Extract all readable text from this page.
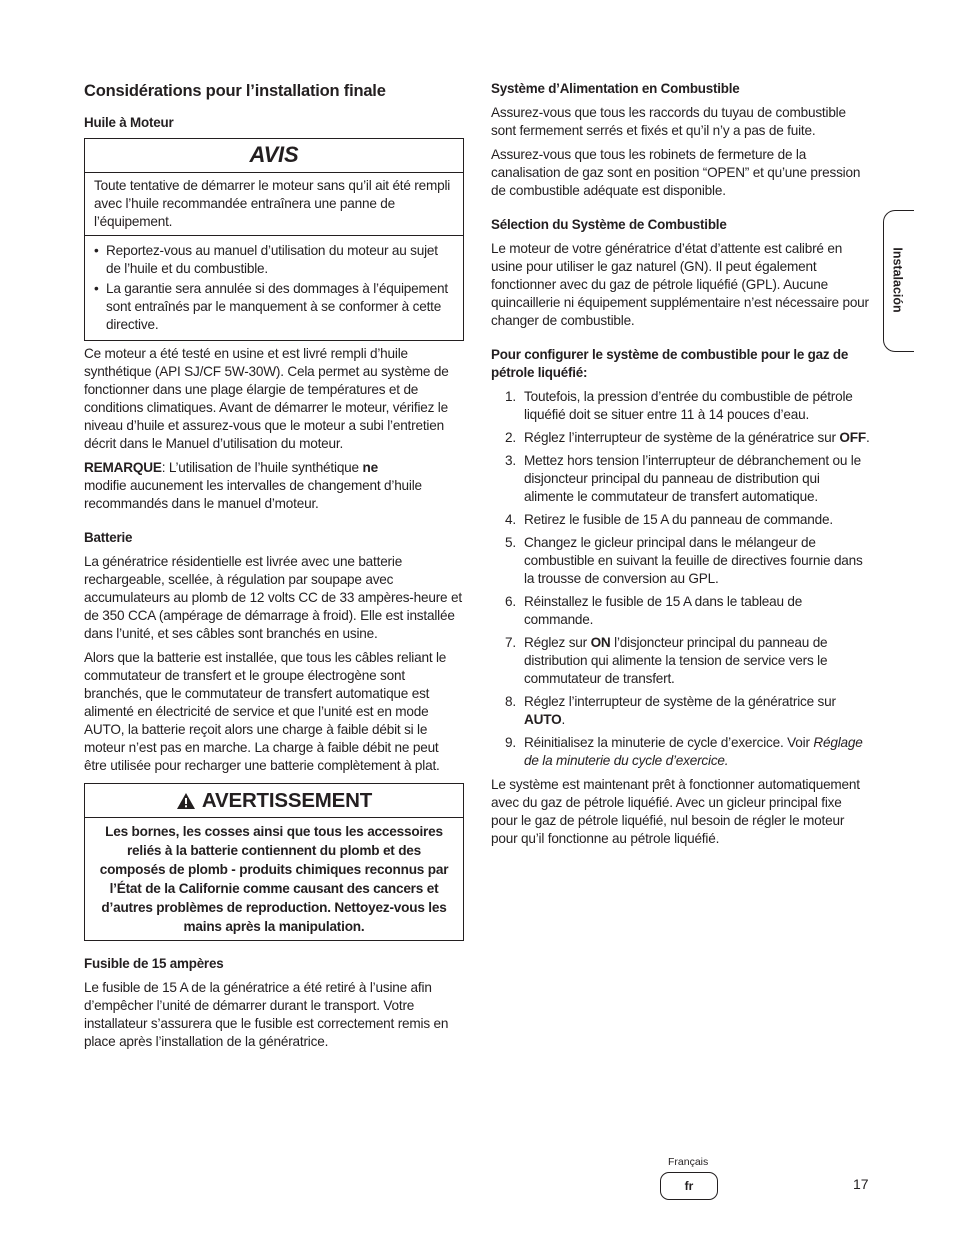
Considérations pour l’installation finale
Huile à Moteur
AVIS
Toute tentative de démarrer le moteur sans qu’il ait été rempli avec l’huile recommandée entraînera une panne de l’équipement.
• Reportez-vous au manuel d’utilisation du moteur au sujet de l’huile et du combustible.
• La garantie sera annulée si des dommages à l’équipement sont entraînés par le manquement à se conformer à cette directive.

Ce moteur a été testé en usine et est livré rempli d’huile synthétique (API SJ/CF 5W-30W). Cela permet au système de fonctionner dans une plage élargie de températures et de conditions climatiques. Avant de démarrer le moteur, vérifiez le niveau d’huile et assurez-vous que le moteur a subi l’entretien décrit dans le Manuel d’utilisation du moteur.

REMARQUE: L’utilisation de l’huile synthétique ne
modifie aucunement les intervalles de changement d’huile recommandés dans le manuel d’moteur.

Batterie

La génératrice résidentielle est livrée avec une batterie rechargeable, scellée, à régulation par soupape avec accumulateurs au plomb de 12 volts CC de 33 ampères-heure et de 350 CCA (ampérage de démarrage à froid). Elle est installée dans l’unité, et ses câbles sont branchés en usine.

Alors que la batterie est installée, que tous les câbles reliant le commutateur de transfert et le groupe électrogène sont branchés, que le commutateur de transfert automatique est alimenté en électricité de service et que l’unité est en mode AUTO, la batterie reçoit alors une charge à faible débit si le moteur n’est pas en marche. La charge à faible débit ne peut être utilisée pour recharger une batterie complètement à plat.

AVERTISSEMENT
Les bornes, les cosses ainsi que tous les accessoires reliés à la batterie contiennent du plomb et des composés de plomb - produits chimiques reconnus par l’État de la Californie comme causant des cancers et d’autres problèmes de reproduction. Nettoyez-vous les mains après la manipulation.
Fusible de 15 ampères

Le fusible de 15 A de la génératrice a été retiré à l’usine afin d’empêcher l’unité de démarrer durant le transport. Votre installateur s’assurera que le fusible est correctement remis en place après l’installation de la génératrice.

Système d’Alimentation en Combustible

Assurez-vous que tous les raccords du tuyau de combustible sont fermement serrés et fixés et qu’il n’y a pas de fuite.

Assurez-vous que tous les robinets de fermeture de la canalisation de gaz sont en position “OPEN” et qu’une pression de combustible adéquate est disponible.

Sélection du Système de Combustible

Le moteur de votre génératrice d’état d’attente est calibré en usine pour utiliser le gaz naturel (GN). Il peut également fonctionner avec du gaz de pétrole liquéfié (GPL). Aucune quincaillerie ni équipement supplémentaire n’est nécessaire pour changer de combustible.

Pour configurer le système de combustible pour le gaz de pétrole liquéfié:
1. Toutefois, la pression d’entrée du combustible de pétrole liquéfié doit se situer entre 11 à 14 pouces d’eau.
2. Réglez l’interrupteur de système de la génératrice sur OFF.
3. Mettez hors tension l’interrupteur de débranchement ou le disjoncteur principal du panneau de distribution qui alimente le commutateur de transfert automatique.
4. Retirez le fusible de 15 A du panneau de commande.
5. Changez le gicleur principal dans le mélangeur de combustible en suivant la feuille de directives fournie dans la trousse de conversion au GPL.
6. Réinstallez le fusible de 15 A dans le tableau de commande.
7. Réglez sur ON l’disjoncteur principal du panneau de distribution qui alimente la tension de service vers le commutateur de transfert.
8. Réglez l’interrupteur de système de la génératrice sur AUTO.
9. Réinitialisez la minuterie de cycle d’exercice. Voir Réglage de la minuterie du cycle d’exercice.

Le système est maintenant prêt à fonctionner automatiquement avec du gaz de pétrole liquéfié. Avec un gicleur principal fixe pour le gaz de pétrole liquéfié, nul besoin de régler le moteur pour qu’il fonctionne au pétrole liquéfié.

Instalación
Français
fr	17
